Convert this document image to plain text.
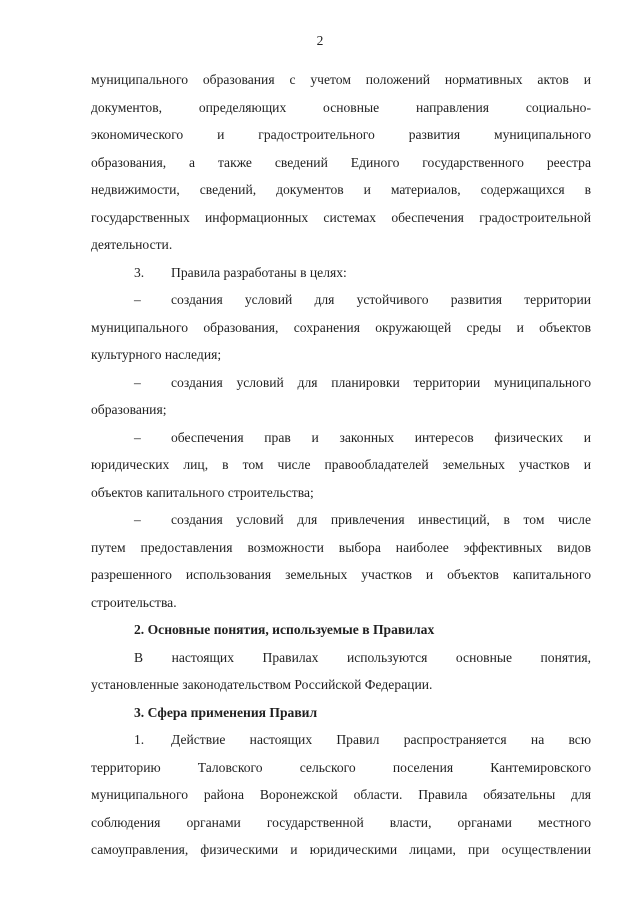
2

муниципального образования с учетом положений нормативных актов и

документов, определяющих основные направления социально-

экономического и градостроительного развития муниципального

образования, а также сведений Единого государственного реестра

недвижимости, сведений, документов и материалов, содержащихся в

государственных информационных системах обеспечения градостроительной

деятельности.

3.	Правила разработаны в целях:

–	создания условий для устойчивого развития территории

муниципального образования, сохранения окружающей среды и объектов

культурного наследия;

–	создания условий для планировки территории муниципального

образования;

–	обеспечения прав и законных интересов физических и

юридических лиц, в том числе правообладателей земельных участков и

объектов капитального строительства;

–	создания условий для привлечения инвестиций, в том числе

путем предоставления возможности выбора наиболее эффективных видов

разрешенного использования земельных участков и объектов капитального

строительства.

2. Основные понятия, используемые в Правилах

В настоящих Правилах используются основные понятия,

установленные законодательством Российской Федерации.

3. Сфера применения Правил

1.	Действие настоящих Правил распространяется на всю

территорию Таловского сельского поселения Кантемировского

муниципального района Воронежской области. Правила обязательны для

соблюдения органами государственной власти, органами местного

самоуправления, физическими и юридическими лицами, при осуществлении
